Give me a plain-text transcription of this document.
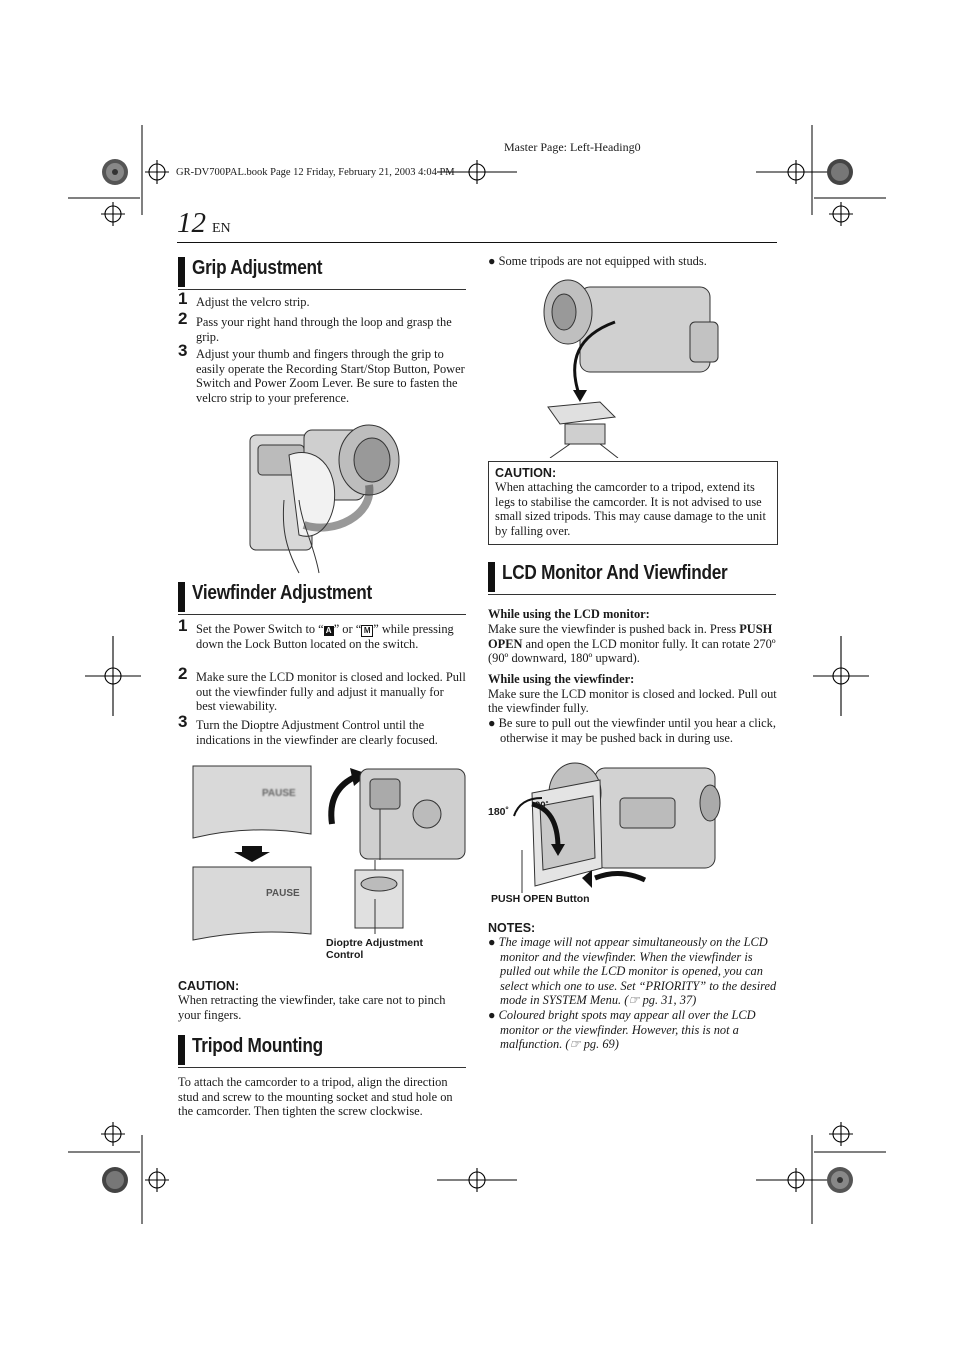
Master Page: Left-Heading0
GR-DV700PAL.book Page 12 Friday, February 21, 2003 4:04 PM
12 EN
Grip Adjustment
1 Adjust the velcro strip.
2 Pass your right hand through the loop and grasp the grip.
3 Adjust your thumb and fingers through the grip to easily operate the Recording Start/Stop Button, Power Switch and Power Zoom Lever. Be sure to fasten the velcro strip to your preference.
Viewfinder Adjustment
1 Set the Power Switch to “ A ” or “ M ” while pressing down the Lock Button located on the switch.
2 Make sure the LCD monitor is closed and locked. Pull out the viewfinder fully and adjust it manually for best viewability.
3 Turn the Dioptre Adjustment Control until the indications in the viewfinder are clearly focused.
PAUSE
PAUSE
Dioptre Adjustment
Control
CAUTION:
When retracting the viewfinder, take care not to pinch your fingers.
Tripod Mounting
To attach the camcorder to a tripod, align the direction stud and screw to the mounting socket and stud hole on the camcorder. Then tighten the screw clockwise.
● Some tripods are not equipped with studs.
CAUTION:
When attaching the camcorder to a tripod, extend its legs to stabilise the camcorder. It is not advised to use small sized tripods. This may cause damage to the unit by falling over.
LCD Monitor And Viewfinder
While using the LCD monitor:
Make sure the viewfinder is pushed back in. Press PUSH OPEN and open the LCD monitor fully. It can rotate 270º (90º downward, 180º upward).
While using the viewfinder:
Make sure the LCD monitor is closed and locked. Pull out the viewfinder fully.
● Be sure to pull out the viewfinder until you hear a click, otherwise it may be pushed back in during use.
180˚
90˚
PUSH OPEN Button
NOTES:
● The image will not appear simultaneously on the LCD monitor and the viewfinder. When the viewfinder is pulled out while the LCD monitor is opened, you can select which one to use. Set “PRIORITY” to the desired mode in SYSTEM Menu. (☞ pg. 31, 37)
● Coloured bright spots may appear all over the LCD monitor or the viewfinder. However, this is not a malfunction. (☞ pg. 69)
